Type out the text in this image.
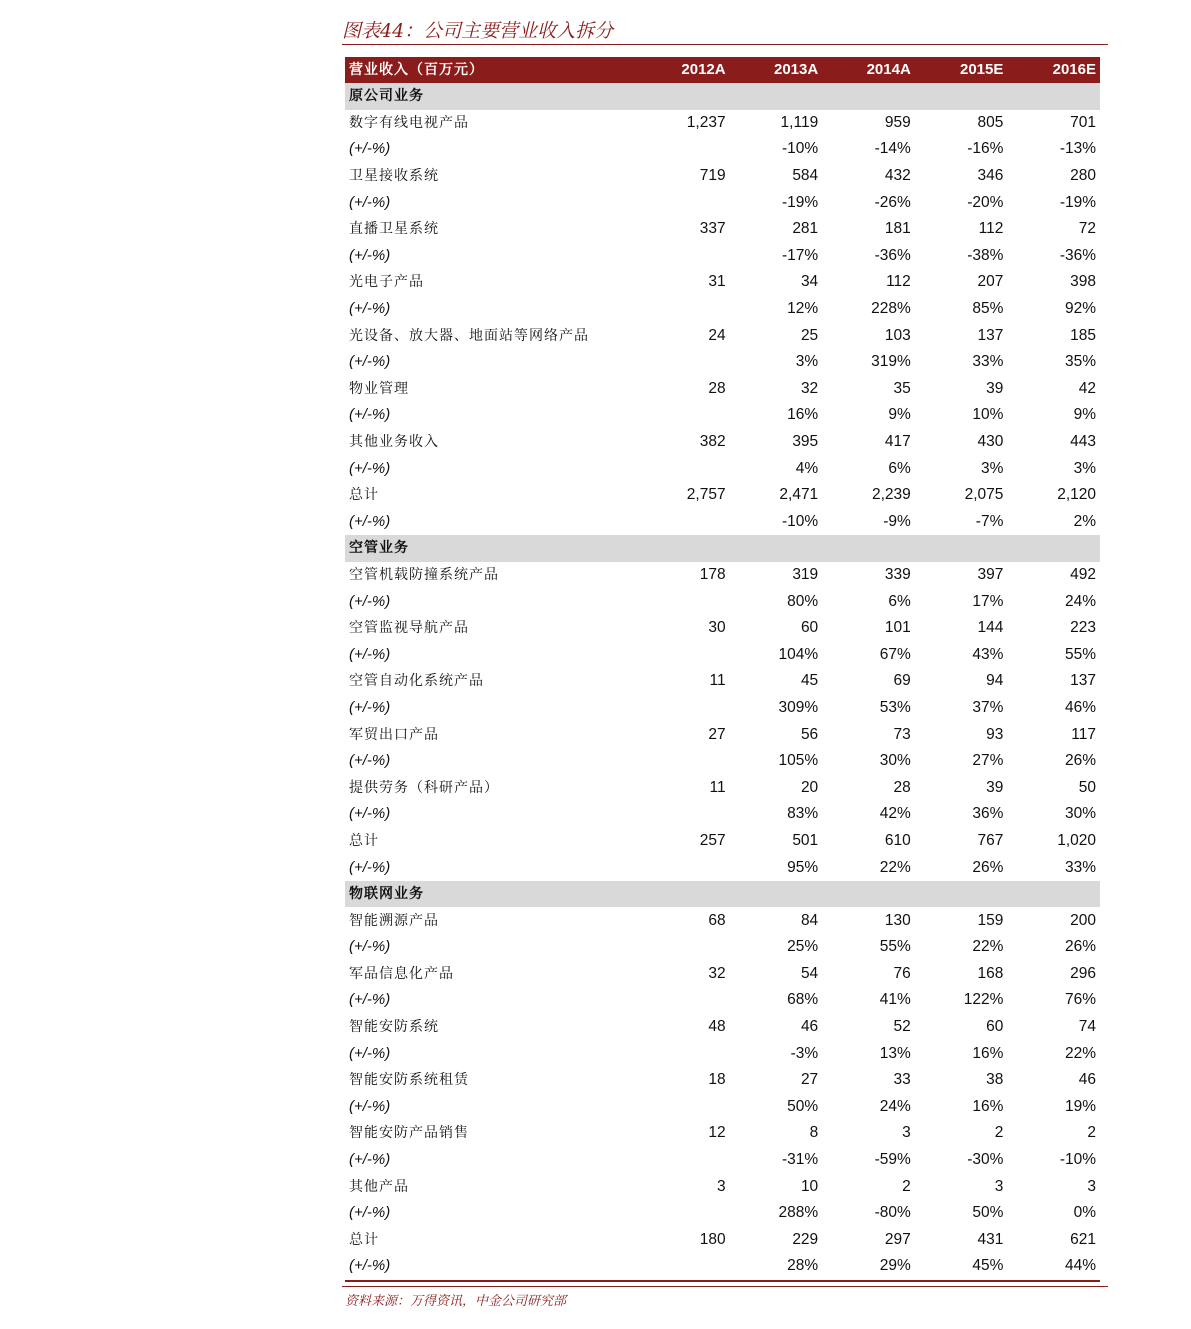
图表44：公司主要营业收入拆分
营业收入（百万元）	2012A	2013A	2014A	2015E	2016E
原公司业务					
数字有线电视产品	1,237	1,119	959	805	701
(+/-%)		-10%	-14%	-16%	-13%
卫星接收系统	719	584	432	346	280
(+/-%)		-19%	-26%	-20%	-19%
直播卫星系统	337	281	181	112	72
(+/-%)		-17%	-36%	-38%	-36%
光电子产品	31	34	112	207	398
(+/-%)		12%	228%	85%	92%
光设备、放大器、地面站等网络产品	24	25	103	137	185
(+/-%)		3%	319%	33%	35%
物业管理	28	32	35	39	42
(+/-%)		16%	9%	10%	9%
其他业务收入	382	395	417	430	443
(+/-%)		4%	6%	3%	3%
总计	2,757	2,471	2,239	2,075	2,120
(+/-%)		-10%	-9%	-7%	2%
空管业务					
空管机载防撞系统产品	178	319	339	397	492
(+/-%)		80%	6%	17%	24%
空管监视导航产品	30	60	101	144	223
(+/-%)		104%	67%	43%	55%
空管自动化系统产品	11	45	69	94	137
(+/-%)		309%	53%	37%	46%
军贸出口产品	27	56	73	93	117
(+/-%)		105%	30%	27%	26%
提供劳务（科研产品）	11	20	28	39	50
(+/-%)		83%	42%	36%	30%
总计	257	501	610	767	1,020
(+/-%)		95%	22%	26%	33%
物联网业务					
智能溯源产品	68	84	130	159	200
(+/-%)		25%	55%	22%	26%
军品信息化产品	32	54	76	168	296
(+/-%)		68%	41%	122%	76%
智能安防系统	48	46	52	60	74
(+/-%)		-3%	13%	16%	22%
智能安防系统租赁	18	27	33	38	46
(+/-%)		50%	24%	16%	19%
智能安防产品销售	12	8	3	2	2
(+/-%)		-31%	-59%	-30%	-10%
其他产品	3	10	2	3	3
(+/-%)		288%	-80%	50%	0%
总计	180	229	297	431	621
(+/-%)		28%	29%	45%	44%
资料来源：万得资讯，中金公司研究部
